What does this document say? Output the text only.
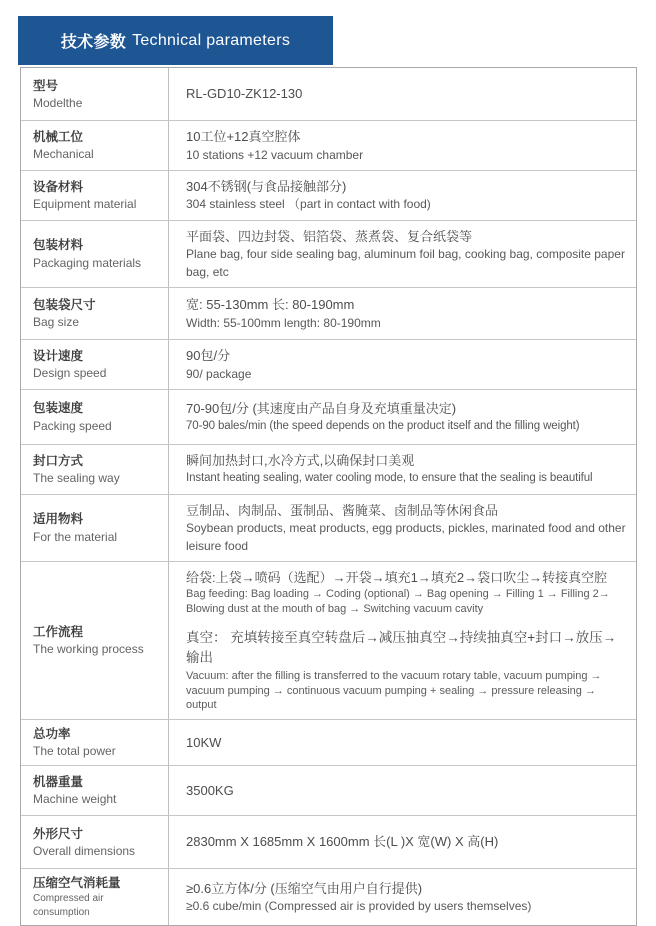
技术参数 Technical parameters
型号
Modelthe
RL-GD10-ZK12-130
机械工位
Mechanical
10工位+12真空腔体
10 stations +12 vacuum chamber
设备材料
Equipment material
304不锈钢(与食品接触部分)
304 stainless steel （part in contact with food)
包装材料
Packaging materials
平面袋、四边封袋、铝箔袋、蒸煮袋、复合纸袋等
Plane bag, four side sealing bag, aluminum foil bag, cooking bag, composite paper bag, etc
包装袋尺寸
Bag size
宽: 55-130mm 长: 80-190mm
Width: 55-100mm length: 80-190mm
设计速度
Design speed
90包/分
90/ package
包装速度
Packing speed
70-90包/分 (其速度由产品自身及充填重量决定)
70-90 bales/min (the speed depends on the product itself and the filling weight)
封口方式
The sealing way
瞬间加热封口,水冷方式,以确保封口美观
Instant heating sealing, water cooling mode, to ensure that the sealing is beautiful
适用物料
For the material
豆制品、肉制品、蛋制品、酱腌菜、卤制品等休闲食品
Soybean products, meat products, egg products, pickles, marinated food and other leisure food
工作流程
The working process
给袋:上袋→喷码（选配）→开袋→填充1→填充2→袋口吹尘→转接真空腔
Bag feeding: Bag loading → Coding (optional) → Bag opening → Filling 1 → Filling 2→ Blowing dust at the mouth of bag → Switching vacuum cavity
真空： 充填转接至真空转盘后→减压抽真空→持续抽真空+封口→放压→输出
Vacuum: after the filling is transferred to the vacuum rotary table, vacuum pumping → vacuum pumping → continuous vacuum pumping + sealing → pressure releasing → output
总功率
The total power
10KW
机器重量
Machine weight
3500KG
外形尺寸
Overall dimensions
2830mm X 1685mm X 1600mm 长(L )X 宽(W) X 高(H)
压缩空气消耗量
Compressed air consumption
≥0.6立方体/分 (压缩空气由用户自行提供)
≥0.6 cube/min (Compressed air is provided by users themselves)
